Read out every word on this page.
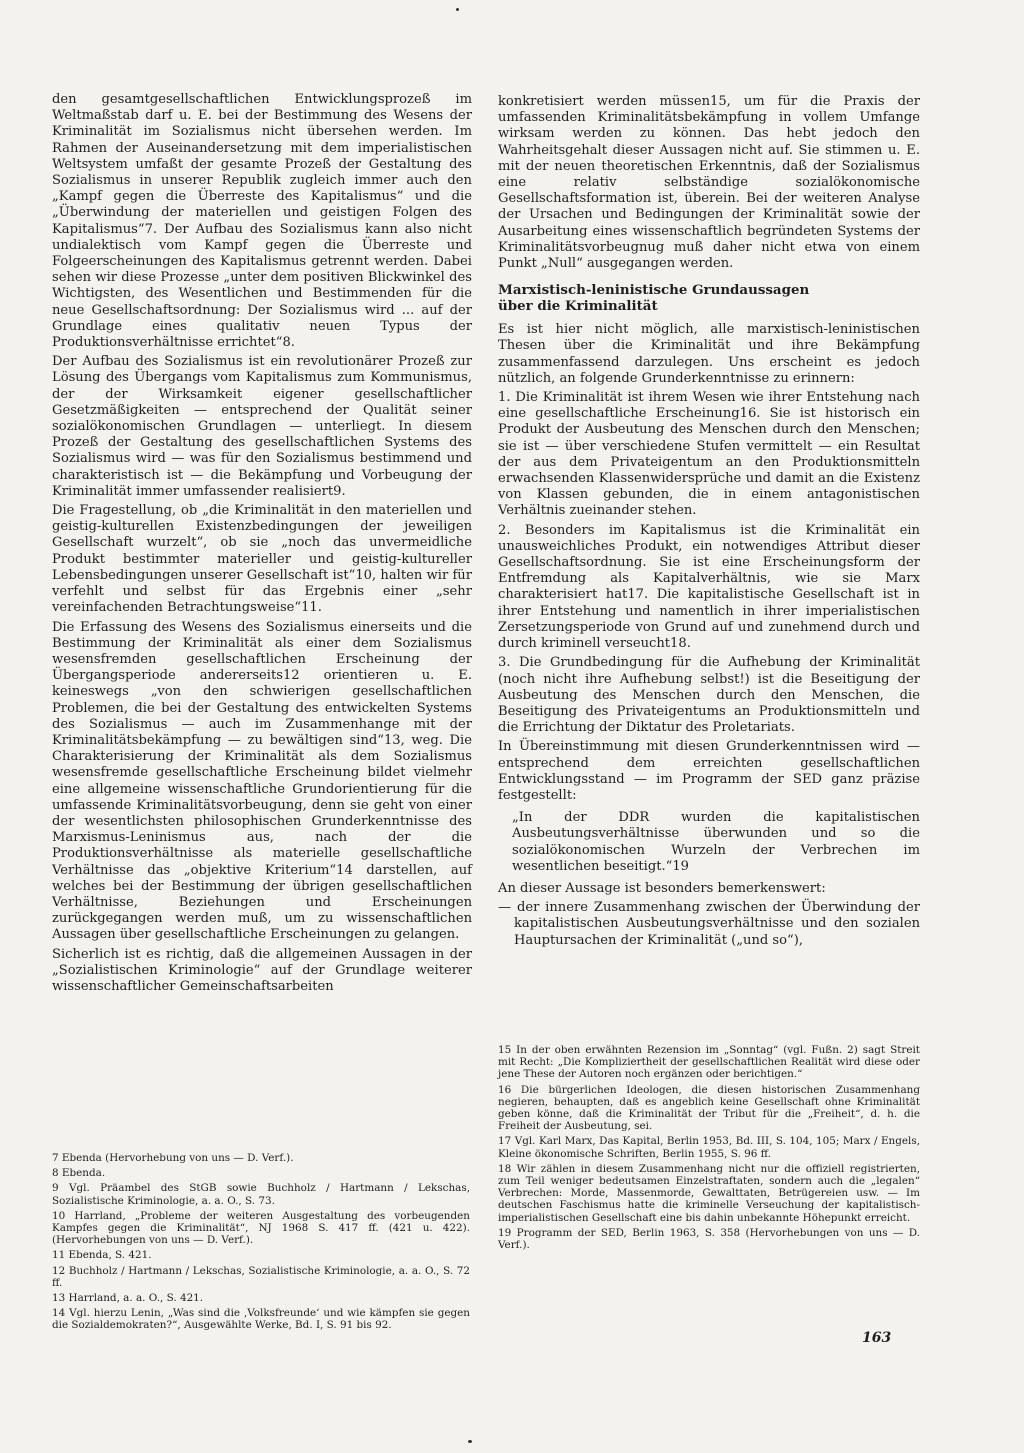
den gesamtgesellschaftlichen Entwicklungsprozeß im Weltmaßstab darf u. E. bei der Bestimmung des Wesens der Kriminalität im Sozialismus nicht übersehen werden. Im Rahmen der Auseinandersetzung mit dem imperialistischen Weltsystem umfaßt der gesamte Prozeß der Gestaltung des Sozialismus in unserer Republik zugleich immer auch den „Kampf gegen die Überreste des Kapitalismus“ und die „Überwindung der materiellen und geistigen Folgen des Kapitalismus“7. Der Aufbau des Sozialismus kann also nicht undialektisch vom Kampf gegen die Überreste und Folgeerscheinungen des Kapitalismus getrennt werden. Dabei sehen wir diese Prozesse „unter dem positiven Blickwinkel des Wichtigsten, des Wesentlichen und Bestimmenden für die neue Gesellschaftsordnung: Der Sozialismus wird ... auf der Grundlage eines qualitativ neuen Typus der Produktionsverhältnisse errichtet“8.

Der Aufbau des Sozialismus ist ein revolutionärer Prozeß zur Lösung des Übergangs vom Kapitalismus zum Kommunismus, der der Wirksamkeit eigener gesellschaftlicher Gesetzmäßigkeiten — entsprechend der Qualität seiner sozialökonomischen Grundlagen — unterliegt. In diesem Prozeß der Gestaltung des gesellschaftlichen Systems des Sozialismus wird — was für den Sozialismus bestimmend und charakteristisch ist — die Bekämpfung und Vorbeugung der Kriminalität immer umfassender realisiert9.

Die Fragestellung, ob „die Kriminalität in den materiellen und geistig-kulturellen Existenzbedingungen der jeweiligen Gesellschaft wurzelt“, ob sie „noch das unvermeidliche Produkt bestimmter materieller und geistig-kultureller Lebensbedingungen unserer Gesellschaft ist“10, halten wir für verfehlt und selbst für das Ergebnis einer „sehr vereinfachenden Betrachtungsweise“11.

Die Erfassung des Wesens des Sozialismus einerseits und die Bestimmung der Kriminalität als einer dem Sozialismus wesensfremden gesellschaftlichen Erscheinung der Übergangsperiode andererseits12 orientieren u. E. keineswegs „von den schwierigen gesellschaftlichen Problemen, die bei der Gestaltung des entwickelten Systems des Sozialismus — auch im Zusammenhange mit der Kriminalitätsbekämpfung — zu bewältigen sind“13, weg. Die Charakterisierung der Kriminalität als dem Sozialismus wesensfremde gesellschaftliche Erscheinung bildet vielmehr eine allgemeine wissenschaftliche Grundorientierung für die umfassende Kriminalitätsvorbeugung, denn sie geht von einer der wesentlichsten philosophischen Grunderkenntnisse des Marxismus-Leninismus aus, nach der die Produktionsverhältnisse als materielle gesellschaftliche Verhältnisse das „objektive Kriterium“14 darstellen, auf welches bei der Bestimmung der übrigen gesellschaftlichen Verhältnisse, Beziehungen und Erscheinungen zurückgegangen werden muß, um zu wissenschaftlichen Aussagen über gesellschaftliche Erscheinungen zu gelangen.

Sicherlich ist es richtig, daß die allgemeinen Aussagen in der „Sozialistischen Kriminologie“ auf der Grundlage weiterer wissenschaftlicher Gemeinschaftsarbeiten

konkretisiert werden müssen15, um für die Praxis der umfassenden Kriminalitätsbekämpfung in vollem Umfange wirksam werden zu können. Das hebt jedoch den Wahrheitsgehalt dieser Aussagen nicht auf. Sie stimmen u. E. mit der neuen theoretischen Erkenntnis, daß der Sozialismus eine relativ selbständige sozialökonomische Gesellschaftsformation ist, überein. Bei der weiteren Analyse der Ursachen und Bedingungen der Kriminalität sowie der Ausarbeitung eines wissenschaftlich begründeten Systems der Kriminalitätsvorbeugnug muß daher nicht etwa von einem Punkt „Null“ ausgegangen werden.

Marxistisch-leninistische Grundaussagen
über die Kriminalität

Es ist hier nicht möglich, alle marxistisch-leninistischen Thesen über die Kriminalität und ihre Bekämpfung zusammenfassend darzulegen. Uns erscheint es jedoch nützlich, an folgende Grunderkenntnisse zu erinnern:

1. Die Kriminalität ist ihrem Wesen wie ihrer Entstehung nach eine gesellschaftliche Erscheinung16. Sie ist historisch ein Produkt der Ausbeutung des Menschen durch den Menschen; sie ist — über verschiedene Stufen vermittelt — ein Resultat der aus dem Privateigentum an den Produktionsmitteln erwachsenden Klassenwidersprüche und damit an die Existenz von Klassen gebunden, die in einem antagonistischen Verhältnis zueinander stehen.

2. Besonders im Kapitalismus ist die Kriminalität ein unausweichliches Produkt, ein notwendiges Attribut dieser Gesellschaftsordnung. Sie ist eine Erscheinungsform der Entfremdung als Kapitalverhältnis, wie sie Marx charakterisiert hat17. Die kapitalistische Gesellschaft ist in ihrer Entstehung und namentlich in ihrer imperialistischen Zersetzungsperiode von Grund auf und zunehmend durch und durch kriminell verseucht18.

3. Die Grundbedingung für die Aufhebung der Kriminalität (noch nicht ihre Aufhebung selbst!) ist die Beseitigung der Ausbeutung des Menschen durch den Menschen, die Beseitigung des Privateigentums an Produktionsmitteln und die Errichtung der Diktatur des Proletariats.

In Übereinstimmung mit diesen Grunderkenntnissen wird — entsprechend dem erreichten gesellschaftlichen Entwicklungsstand — im Programm der SED ganz präzise festgestellt:

„In der DDR wurden die kapitalistischen Ausbeutungsverhältnisse überwunden und so die sozialökonomischen Wurzeln der Verbrechen im wesentlichen beseitigt.“19

An dieser Aussage ist besonders bemerkenswert:

— der innere Zusammenhang zwischen der Überwindung der kapitalistischen Ausbeutungsverhältnisse und den sozialen Hauptursachen der Kriminalität („und so“),

7 Ebenda (Hervorhebung von uns — D. Verf.).

8 Ebenda.

9 Vgl. Präambel des StGB sowie Buchholz / Hartmann / Lekschas, Sozialistische Kriminologie, a. a. O., S. 73.

10 Harrland, „Probleme der weiteren Ausgestaltung des vorbeugenden Kampfes gegen die Kriminalität“, NJ 1968 S. 417 ff. (421 u. 422). (Hervorhebungen von uns — D. Verf.).

11 Ebenda, S. 421.

12 Buchholz / Hartmann / Lekschas, Sozialistische Kriminologie, a. a. O., S. 72 ff.

13 Harrland, a. a. O., S. 421.

14 Vgl. hierzu Lenin, „Was sind die ‚Volksfreunde‘ und wie kämpfen sie gegen die Sozialdemokraten?“, Ausgewählte Werke, Bd. I, S. 91 bis 92.

15 In der oben erwähnten Rezension im „Sonntag“ (vgl. Fußn. 2) sagt Streit mit Recht: „Die Kompliziertheit der gesellschaftlichen Realität wird diese oder jene These der Autoren noch ergänzen oder berichtigen.“

16 Die bürgerlichen Ideologen, die diesen historischen Zusammenhang negieren, behaupten, daß es angeblich keine Gesellschaft ohne Kriminalität geben könne, daß die Kriminalität der Tribut für die „Freiheit“, d. h. die Freiheit der Ausbeutung, sei.

17 Vgl. Karl Marx, Das Kapital, Berlin 1953, Bd. III, S. 104, 105; Marx / Engels, Kleine ökonomische Schriften, Berlin 1955, S. 96 ff.

18 Wir zählen in diesem Zusammenhang nicht nur die offiziell registrierten, zum Teil weniger bedeutsamen Einzelstraftaten, sondern auch die „legalen“ Verbrechen: Morde, Massenmorde, Gewalttaten, Betrügereien usw. — Im deutschen Faschismus hatte die kriminelle Verseuchung der kapitalistisch-imperialistischen Gesellschaft eine bis dahin unbekannte Höhepunkt erreicht.

19 Programm der SED, Berlin 1963, S. 358 (Hervorhebungen von uns — D. Verf.).

163
